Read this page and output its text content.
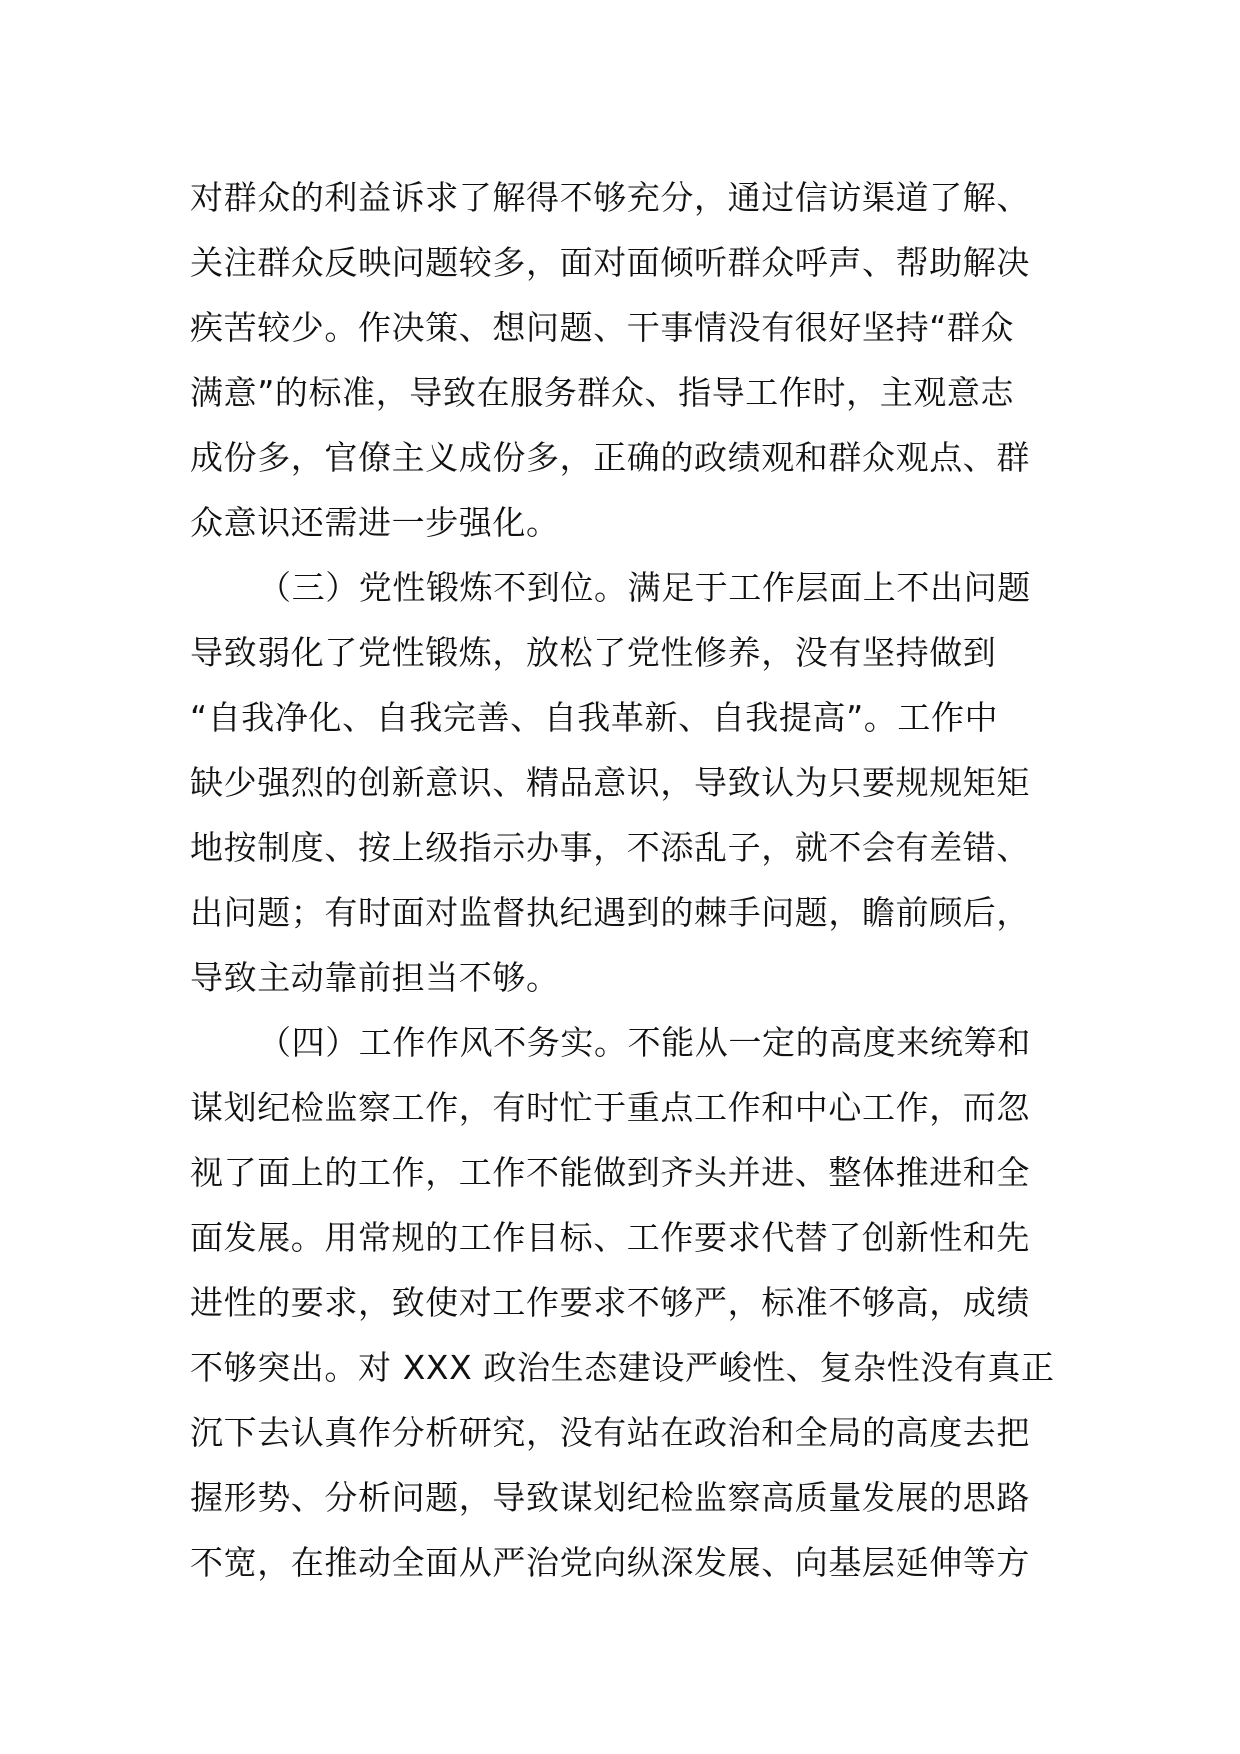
对群众的利益诉求了解得不够充分，通过信访渠道了解、
关注群众反映问题较多，面对面倾听群众呼声、帮助解决
疾苦较少。作决策、想问题、干事情没有很好坚持“群众
满意”的标准，导致在服务群众、指导工作时，主观意志
成份多，官僚主义成份多，正确的政绩观和群众观点、群
众意识还需进一步强化。
（三）党性锻炼不到位。满足于工作层面上不出问题
导致弱化了党性锻炼，放松了党性修养，没有坚持做到
“自我净化、自我完善、自我革新、自我提高”。工作中
缺少强烈的创新意识、精品意识，导致认为只要规规矩矩
地按制度、按上级指示办事，不添乱子，就不会有差错、
出问题；有时面对监督执纪遇到的棘手问题，瞻前顾后，
导致主动靠前担当不够。
（四）工作作风不务实。不能从一定的高度来统筹和
谋划纪检监察工作，有时忙于重点工作和中心工作，而忽
视了面上的工作，工作不能做到齐头并进、整体推进和全
面发展。用常规的工作目标、工作要求代替了创新性和先
进性的要求，致使对工作要求不够严，标准不够高，成绩
不够突出。对 XXX 政治生态建设严峻性、复杂性没有真正
沉下去认真作分析研究，没有站在政治和全局的高度去把
握形势、分析问题，导致谋划纪检监察高质量发展的思路
不宽，在推动全面从严治党向纵深发展、向基层延伸等方
